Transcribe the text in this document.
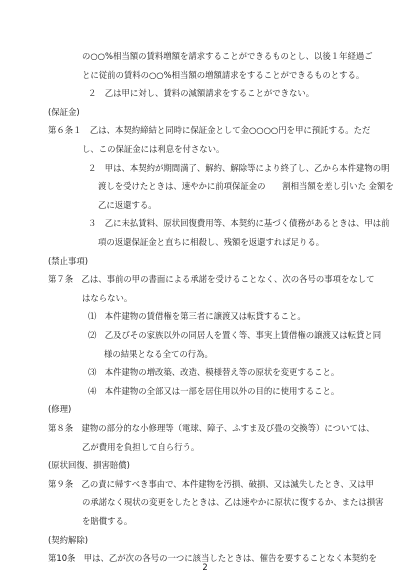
の○○%相当額の賃料増額を請求することができるものとし、以後１年経過ご

とに従前の賃料の○○%相当額の増額請求をすることができるものとする。

２　乙は甲に対し、賃料の減額請求をすることができない。

(保証金)

第６条１　乙は、本契約締結と同時に保証金として金○○○○円を甲に預託する。ただ

し、この保証金には利息を付さない。

２　甲は、本契約が期間満了、解約、解除等により終了し、乙から本件建物の明

渡しを受けたときは、速やかに前項保証金の　　割相当額を差し引いた 金額を

乙に返還する。

３　乙に未払賃料、原状回復費用等、本契約に基づく債務があるときは、甲は前

項の返還保証金と直ちに相殺し、残額を返還すれば足りる。

(禁止事項)

第７条　乙は、事前の甲の書面による承諾を受けることなく、次の各号の事項をなして

はならない。

⑴　本件建物の賃借権を第三者に譲渡又は転貸すること。

⑵　乙及びその家族以外の同居人を置く等、事実上賃借権の譲渡又は転貸と同

様の結果となる全ての行為。

⑶　本件建物の増改築、改造、模様替え等の原状を変更すること。

⑷　本件建物の全部又は一部を居住用以外の目的に使用すること。

(修理)

第８条　建物の部分的な小修理等（電球、障子、ふすま及び畳の交換等）については、

乙が費用を負担して自ら行う。

(原状回復、損害賠償)

第９条　乙の責に帰すべき事由で、本件建物を汚損、破損、又は滅失したとき、又は甲

の承諾なく現状の変更をしたときは、乙は速やかに原状に復するか、または損害

を賠償する。

(契約解除)

第10条　甲は、乙が次の各号の一つに該当したときは、催告を要することなく本契約を

2
